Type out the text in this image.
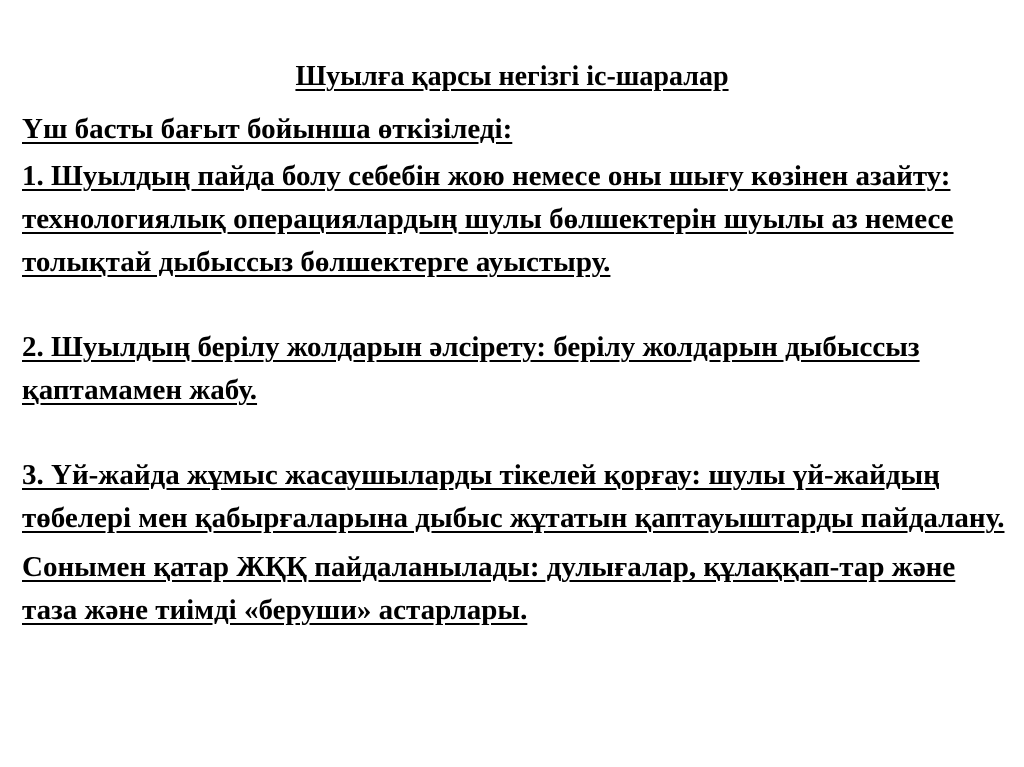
Шуылға қарсы негізгі іс-шаралар

Үш басты бағыт бойынша өткізіледі:

1. Шуылдың пайда болу себебін жою немесе оны шығу көзінен азайту: технологиялық операциялардың шулы бөлшектерін шуылы аз немесе толықтай дыбыссыз бөлшектерге ауыстыру.

2. Шуылдың берілу жолдарын әлсірету: берілу жолдарын дыбыссыз қаптамамен жабу.

3. Үй-жайда жұмыс жасаушыларды тікелей қорғау: шулы үй-жайдың төбелері мен қабырғаларына дыбыс жұтатын қаптауыштарды пайдалану.

Сонымен қатар ЖҚҚ пайдаланылады: дулығалар, құлаққап-тар және таза және тиімді «беруши» астарлары.
